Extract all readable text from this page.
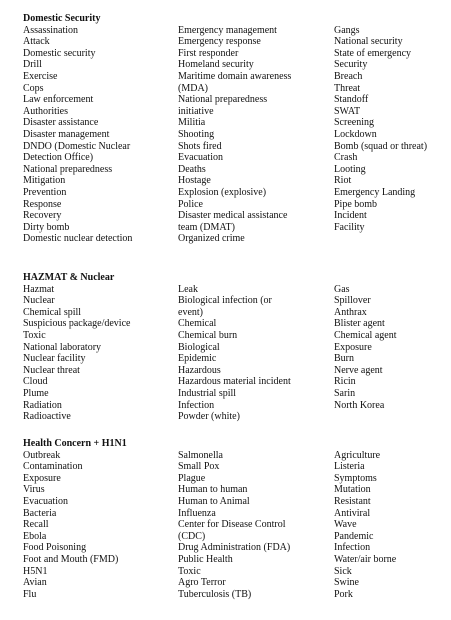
Domestic Security
Assassination
Attack
Domestic security
Drill
Exercise
Cops
Law enforcement
Authorities
Disaster assistance
Disaster management
DNDO (Domestic Nuclear
Detection Office)
National preparedness
Mitigation
Prevention
Response
Recovery
Dirty bomb
Domestic nuclear detection
Emergency management
Emergency response
First responder
Homeland security
Maritime domain awareness
(MDA)
National preparedness
initiative
Militia
Shooting
Shots fired
Evacuation
Deaths
Hostage
Explosion (explosive)
Police
Disaster medical assistance
team (DMAT)
Organized crime
Gangs
National security
State of emergency
Security
Breach
Threat
Standoff
SWAT
Screening
Lockdown
Bomb (squad or threat)
Crash
Looting
Riot
Emergency Landing
Pipe bomb
Incident
Facility
HAZMAT & Nuclear
Hazmat
Nuclear
Chemical spill
Suspicious package/device
Toxic
National laboratory
Nuclear facility
Nuclear threat
Cloud
Plume
Radiation
Radioactive
Leak
Biological infection (or
event)
Chemical
Chemical burn
Biological
Epidemic
Hazardous
Hazardous material incident
Industrial spill
Infection
Powder (white)
Gas
Spillover
Anthrax
Blister agent
Chemical agent
Exposure
Burn
Nerve agent
Ricin
Sarin
North Korea
Health Concern + H1N1
Outbreak
Contamination
Exposure
Virus
Evacuation
Bacteria
Recall
Ebola
Food Poisoning
Foot and Mouth (FMD)
H5N1
Avian
Flu
Salmonella
Small Pox
Plague
Human to human
Human to Animal
Influenza
Center for Disease Control
(CDC)
Drug Administration (FDA)
Public Health
Toxic
Agro Terror
Tuberculosis (TB)
Agriculture
Listeria
Symptoms
Mutation
Resistant
Antiviral
Wave
Pandemic
Infection
Water/air borne
Sick
Swine
Pork
